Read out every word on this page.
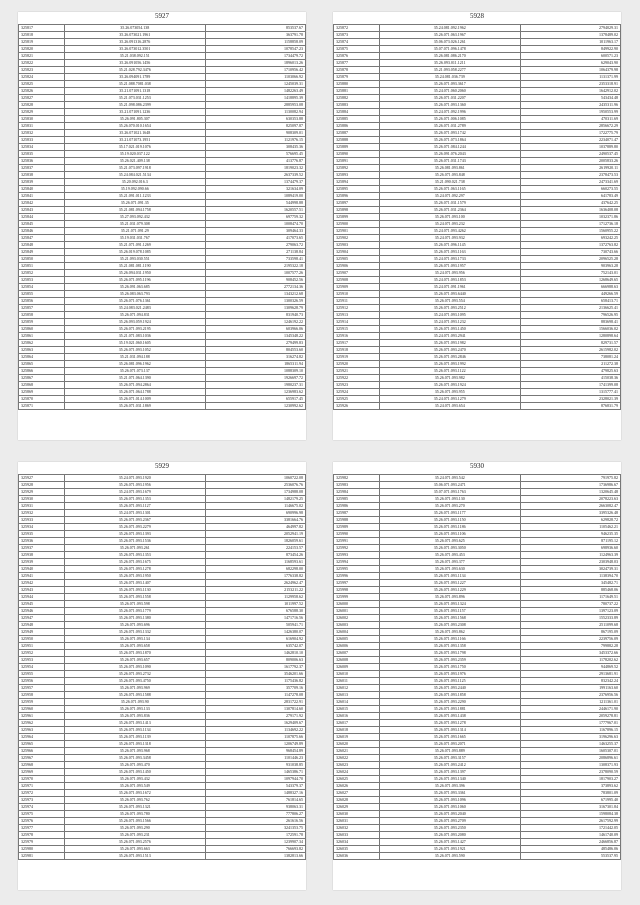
5927
325817	35.26.073054.138	853537.67
325818	35.26.073021.1961	363791.78
325819	35.26.091316.2876	1158858.09
325820	35.26.073012.3501	1078547.23
325821	35.21.038.092.151	1734479.72
325822	35.26.091056.1456	1896013.26
325823	35.21.028.792.3476	1710956.42
325824	35.26.094091.1789	1103066.92
325825	35.21.088.7081.038	1245039.31
325826	35.21.071091.1318	1482263.49
325827	35.21.073.031.1253	1418895.39
325828	35.21.098.086.2399	2885953.08
325829	35.21.071091.1236	1130082.94
325830	35.26.091.805.307	630353.88
325831	35.26.070.010.1654	825097.87
325832	35.26.071021.1648	908309.01
325833	35.21.071073.1951	1121976.15
325834	35.17.021.019.1076	308435.36
325835	35.19.020.037.122	576695.45
325836	35.26.021.409.138	413776.87
325837	35.21.073.097.1918	1819023.32
325838	35.24.084.021.5134	2637339.52
325839	35.20.092.016.3	1374479.37
325840	35.19.092.090.66	321634.09
325841	35.21.091.011.1233	1089419.00
325842	35.26.071.091.35	544998.88
325843	35.21.081.094.1758	1620557.51
325844	35.27.093.092.432	697759.32
325845	35.21.031.079.308	1008474.70
325846	35.21.071.091.29	309464.33
325847	35.19.031.031.767	417073.65
325848	35.21.071.091.1269	279063.72
325849	35.26.019.078.1085	271138.84
325850	35.21.093.030.551	733598.41
325851	35.21.081.081.1190	2195322.18
325852	35.26.094.031.1950	1007577.26
325853	35.26.071.095.1196	908452.56
325854	35.26.091.063.685	2772134.36
325855	35.26.083.063.793	1343212.68
325856	35.26.071.076.1361	1300326.59
325857	35.24.083.021.2483	1309628.79
325858	35.26.071.094.831	831940.73
325859	35.26.093.059.1924	1246192.22
325860	35.26.071.093.2195	603966.06
325861	35.21.071.083.1036	1345348.22
325862	35.19.021.060.1605	279499.83
325863	35.26.071.093.1052	804553.60
325864	35.21.031.094.188	316274.82
325865	35.26.081.096.1962	1865311.94
325866	35.26.071.073.137	1088309.10
325867	35.21.071.064.1390	1926697.72
325868	35.26.071.094.2864	1980237.31
325869	35.26.071.064.1788	1236983.62
325870	35.26.071.014.1009	655917.45
325871	35.26.071.031.1869	1230992.62
5928
325872	35.24.081.092.1962	2794029.31
325873	35.26.071.063.1967	1378489.02
325874	35.06.073.026.1261	1011963.17
325875	35.07.071.096.1478	849922.90
325876	35.26.081.086.2170	600571.23
325877	35.26.093.011.1211	629043.90
325878	35.21.093.058.2277	1064379.98
325879	35.24.081.036.739	1131371.99
325880	35.26.071.093.3617	2353318.91
325881	35.24.071.060.2060	1642912.02
325882	35.26.071.031.2207	543434.48
325883	35.26.071.093.1360	2435311.96
325884	35.24.071.092.1996	1950553.99
325885	35.26.071.006.1085	470311.69
325886	35.26.071.031.2789	2856672.29
325887	35.26.071.093.1742	1722775.79
325888	35.26.071.073.1864	2234071.47
325889	35.26.071.084.1244	1037889.80
325890	35.26.091.076.2043	2490537.45
325891	35.26.071.031.1743	2005833.26
325892	35.26.081.093.861	2619920.11
325893	35.26.071.093.848	2378473.53
325894	35.21.090.021.738	2473341.69
325895	35.26.071.063.1165	660273.55
325896	35.24.071.092.297	641783.49
325897	35.26.071.031.1579	437642.25
325898	35.26.071.031.2364	1636408.08
325899	35.26.071.093.100	1032371.86
325900	35.24.071.093.232	1712736.18
325901	35.24.071.093.4262	1560955.22
325902	35.24.071.093.932	693242.25
325903	35.26.071.096.1145	1372763.82
325904	35.26.071.093.1163	730743.66
325905	35.24.071.093.1733	2096525.28
325906	35.26.071.093.1957	903963.28
325907	35.24.071.093.956	752143.01
325908	35.24.071.093.1853	1268649.65
325909	35.24.071.091.1961	666988.63
325910	35.26.071.093.6440	449266.59
325911	35.26.071.093.554	658413.71
325912	35.26.071.093.2512	2136625.41
325913	35.24.071.093.1095	796526.95
325914	35.24.071.093.1232	883698.41
325915	35.26.071.093.1450	1566036.02
325916	35.24.071.093.2941	1280898.64
325917	35.26.071.093.1982	829731.57
325918	35.26.071.093.2470	2615982.02
325919	35.26.071.093.2846	738081.24
325920	35.26.071.093.1992	211272.38
325921	35.26.071.093.1122	479825.63
325922	35.26.071.093.982	415038.36
325923	35.26.071.093.1924	1741399.08
325924	35.26.071.093.955	1315777.41
325925	35.24.071.093.1279	2328021.39
325926	35.24.071.093.654	876831.79
5929
325927	35.24.071.093.1920	1060722.08
325928	35.26.071.093.1956	2536076.76
325929	35.24.071.093.1679	1734988.08
325930	35.26.071.093.1353	1482179.25
325931	35.26.071.093.1127	1146675.02
325932	35.24.071.093.1301	690996.98
325933	35.26.071.093.2367	3381664.76
325934	35.26.071.093.2279	464997.82
325935	35.26.071.093.1393	2052941.19
325936	35.26.071.093.1536	1826059.61
325937	35.26.071.093.261	224153.57
325938	35.26.071.093.1353	873454.26
325939	35.26.071.093.1675	1168593.61
325940	35.26.071.093.1278	682298.00
325941	35.26.071.093.1950	1776338.82
325942	35.26.071.093.1407	2624962.47
325943	35.26.071.093.1130	2153211.22
325944	35.26.071.093.1558	1129958.62
325945	35.26.071.093.598	1011997.52
325946	35.26.071.093.1779	676588.30
325947	35.26.071.093.1380	1471716.56
325948	35.26.071.093.696	505941.71
325949	35.26.071.093.1332	1426380.07
325950	35.26.071.093.134	616904.92
325951	35.26.071.093.658	635742.07
325952	35.26.071.093.1870	1462810.10
325953	35.26.071.093.657	809006.63
325954	35.26.071.093.1090	1617792.37
325955	35.26.071.093.2732	3546201.66
325956	35.26.071.093.4750	1175436.82
325957	35.26.071.093.969	357709.16
325958	35.26.071.093.1588	1147278.08
325959	35.26.071.093.90	2831722.91
325960	35.26.071.093.133	1307814.60
325961	35.26.071.093.836	279171.92
325962	35.26.071.093.1413	1629409.67
325963	35.26.071.093.1134	1134692.22
325964	35.26.071.093.1139	1107875.66
325965	35.26.071.093.1318	1206749.89
325966	35.26.071.093.968	968454.89
325967	35.26.071.093.3458	1101446.23
325968	35.26.071.093.470	931038.85
325969	35.26.071.093.1450	1465386.71
325970	35.26.071.093.432	1097944.70
325971	35.26.071.093.549	543379.37
325972	35.26.071.093.1672	1488327.16
325973	35.26.071.093.762	761814.65
325974	35.26.071.093.1321	938063.31
325975	35.26.071.093.780	777806.27
325976	35.26.071.093.1566	261616.56
325977	35.26.071.093.290	3241353.75
325978	35.26.071.093.231	172591.78
325979	35.26.071.093.2576	1239907.34
325980	35.26.071.093.663	766693.82
325981	35.26.071.093.1513	1382813.66
5930
325982	35.24.071.093.542	791975.82
325983	35.06.071.093.2471	1736986.67
325984	35.07.071.093.1763	1320645.48
325985	35.26.071.093.130	2078223.63
325986	35.26.071.093.270	2663082.47
325987	35.26.071.093.1177	3395326.48
325988	35.26.071.093.1150	629828.72
325989	35.26.071.093.1186	1105462.21
325990	35.26.071.093.1106	946235.35
325991	35.26.071.093.625	871195.12
325992	35.26.071.093.3050	698936.60
325993	35.26.071.093.453	1124963.39
325994	35.26.071.093.377	2303948.03
325995	35.26.071.093.630	3024739.31
325996	35.26.071.093.1134	1138394.70
325997	35.26.071.093.1227	345482.71
325998	35.26.071.093.1229	885468.06
325999	35.26.071.093.896	1171649.51
326000	35.26.071.093.1324	780737.22
326001	35.26.071.093.1157	1397123.09
326002	35.26.071.093.1568	1552333.89
326003	35.26.071.093.2308	2511099.68
326004	35.26.071.093.862	867195.09
326005	35.26.071.093.1166	2239756.09
326006	35.26.071.093.1358	799882.28
326007	35.26.071.093.1798	3453372.66
326008	35.26.071.093.2359	1178202.62
326009	35.26.071.093.1750	944869.52
326010	35.26.071.093.1976	2913681.91
326011	35.26.071.093.1125	832342.24
326012	35.26.071.093.2440	1991163.60
326013	35.26.071.093.1858	2376956.56
326014	35.26.071.093.2290	1211361.01
326015	35.26.071.093.1881	2446171.90
326016	35.26.071.093.1438	2059278.81
326017	35.26.071.093.1278	1777967.01
326018	35.26.071.093.1314	1167896.15
326019	35.26.071.093.1665	3196296.63
326020	35.26.071.093.2071	1463255.37
326021	35.26.071.093.889	1605307.01
326022	35.26.071.093.3157	2086896.61
326023	35.26.071.093.2412	1308371.93
326024	35.26.071.093.1397	2378090.59
326025	35.26.071.093.1340	1817903.27
326026	35.26.071.093.396	373893.62
326027	35.26.071.093.3361	783801.09
326028	35.26.071.093.1096	671995.40
326029	35.26.071.093.1060	3167301.84
326030	35.26.071.093.2040	1598084.38
326031	35.26.071.093.2709	2617592.99
326032	35.26.071.093.2350	1721442.05
326033	35.26.071.093.2080	1461740.09
326034	35.26.071.093.1427	2466856.87
326035	35.26.071.093.1921	485486.06
326036	35.26.071.093.590	553537.95
